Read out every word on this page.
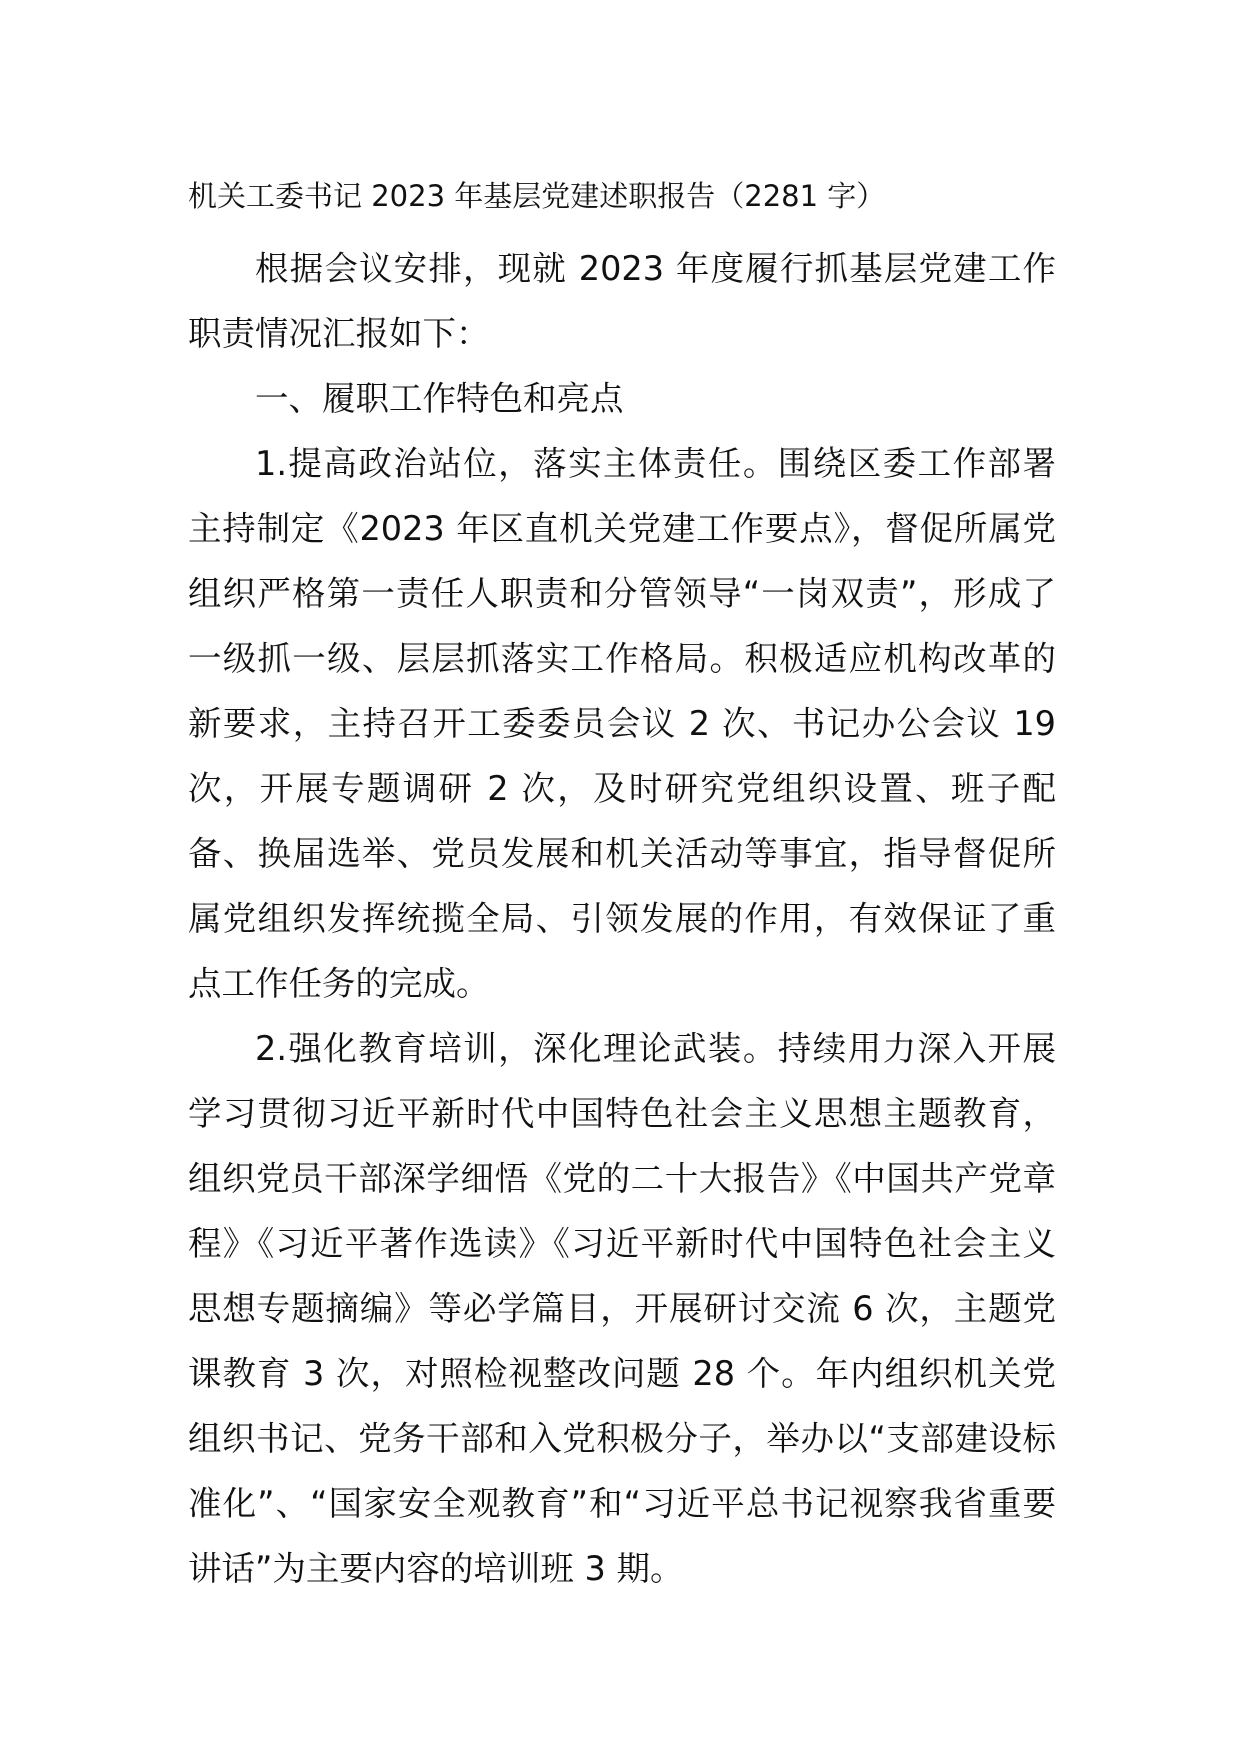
机关工委书记 2023 年基层党建述职报告（2281 字）

根据会议安排，现就 2023 年度履行抓基层党建工作职责情况汇报如下：

一、履职工作特色和亮点

1.提高政治站位，落实主体责任。围绕区委工作部署主持制定《2023 年区直机关党建工作要点》，督促所属党组织严格第一责任人职责和分管领导“一岗双责”，形成了一级抓一级、层层抓落实工作格局。积极适应机构改革的新要求，主持召开工委委员会议 2 次、书记办公会议 19 次，开展专题调研 2 次，及时研究党组织设置、班子配备、换届选举、党员发展和机关活动等事宜，指导督促所属党组织发挥统揽全局、引领发展的作用，有效保证了重点工作任务的完成。

2.强化教育培训，深化理论武装。持续用力深入开展学习贯彻习近平新时代中国特色社会主义思想主题教育，组织党员干部深学细悟《党的二十大报告》《中国共产党章程》《习近平著作选读》《习近平新时代中国特色社会主义思想专题摘编》等必学篇目，开展研讨交流 6 次，主题党课教育 3 次，对照检视整改问题 28 个。年内组织机关党组织书记、党务干部和入党积极分子，举办以“支部建设标准化”、“国家安全观教育”和“习近平总书记视察我省重要讲话”为主要内容的培训班 3 期。
